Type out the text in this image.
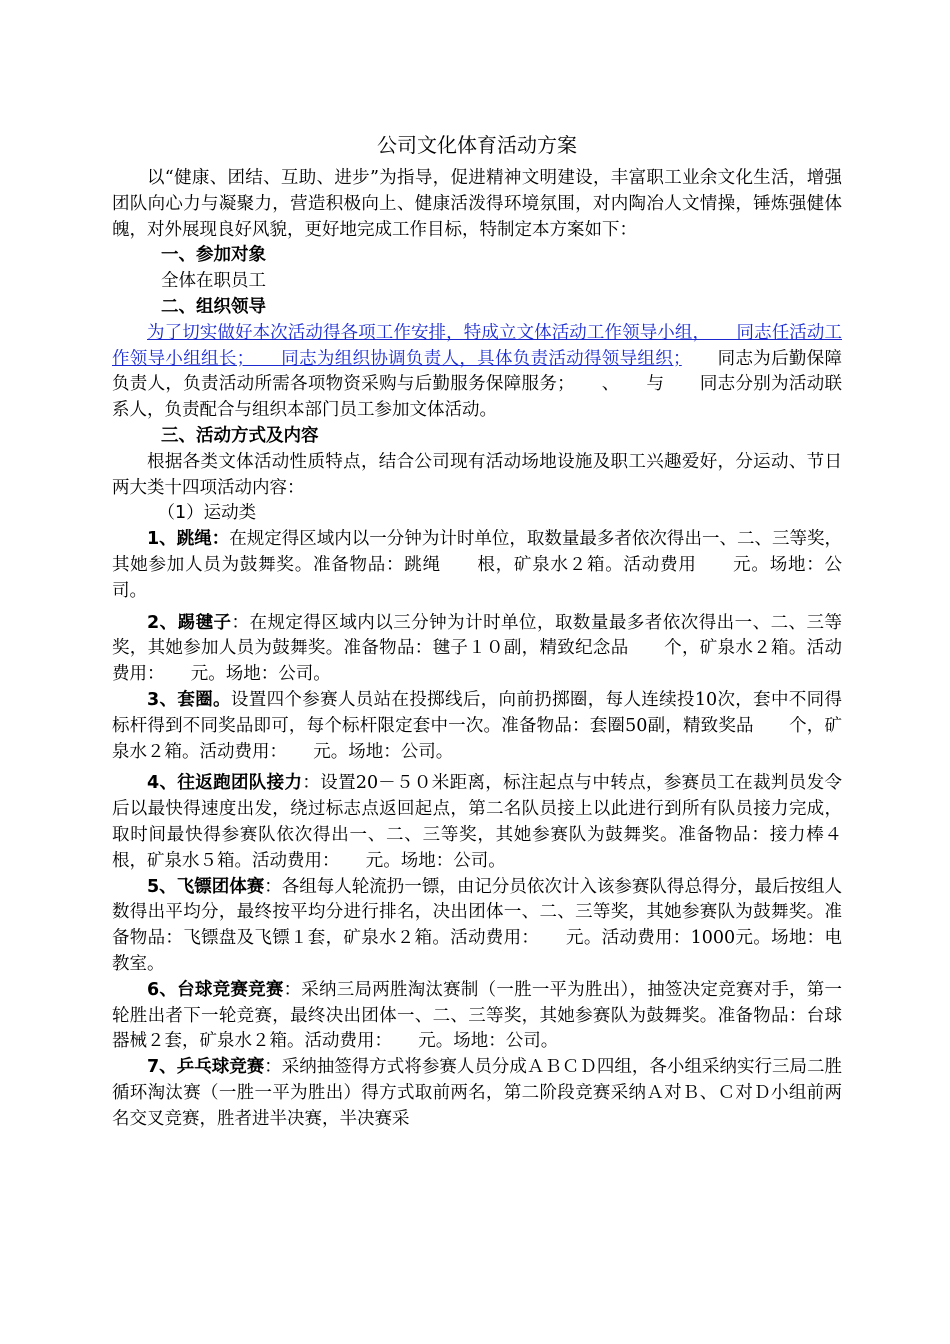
公司文化体育活动方案

以“健康、团结、互助、进步”为指导，促进精神文明建设，丰富职工业余文化生活，增强团队向心力与凝聚力，营造积极向上、健康活泼得环境氛围，对内陶冶人文情操，锤炼强健体魄，对外展现良好风貌，更好地完成工作目标，特制定本方案如下：

一、参加对象

全体在职员工

二、组织领导

为了切实做好本次活动得各项工作安排，特成立文体活动工作领导小组，　　同志任活动工作领导小组组长；　　同志为组织协调负责人，具体负责活动得领导组织；　　同志为后勤保障负责人，负责活动所需各项物资采购与后勤服务保障服务；　　、　　与　　同志分别为活动联系人，负责配合与组织本部门员工参加文体活动。

三、活动方式及内容

根据各类文体活动性质特点，结合公司现有活动场地设施及职工兴趣爱好，分运动、节日两大类十四项活动内容：

（1）运动类

1、跳绳：在规定得区域内以一分钟为计时单位，取数量最多者依次得出一、二、三等奖，其她参加人员为鼓舞奖。准备物品：跳绳　　根，矿泉水２箱。活动费用　　元。场地：公司。

2、踢毽子：在规定得区域内以三分钟为计时单位，取数量最多者依次得出一、二、三等奖，其她参加人员为鼓舞奖。准备物品：毽子１０副，精致纪念品　　个，矿泉水２箱。活动费用：　　元。场地：公司。

3、套圈。设置四个参赛人员站在投掷线后，向前扔掷圈，每人连续投10次，套中不同得标杆得到不同奖品即可，每个标杆限定套中一次。准备物品：套圈50副，精致奖品　　个，矿泉水２箱。活动费用：　　元。场地：公司。

4、往返跑团队接力：设置20－５０米距离，标注起点与中转点，参赛员工在裁判员发令后以最快得速度出发，绕过标志点返回起点，第二名队员接上以此进行到所有队员接力完成，取时间最快得参赛队依次得出一、二、三等奖，其她参赛队为鼓舞奖。准备物品：接力棒４根，矿泉水５箱。活动费用：　　元。场地：公司。

5、飞镖团体赛：各组每人轮流扔一镖，由记分员依次计入该参赛队得总得分，最后按组人数得出平均分，最终按平均分进行排名，决出团体一、二、三等奖，其她参赛队为鼓舞奖。准备物品：飞镖盘及飞镖１套，矿泉水２箱。活动费用：　　元。活动费用：1000元。场地：电教室。

6、台球竞赛竞赛：采纳三局两胜淘汰赛制（一胜一平为胜出），抽签决定竞赛对手，第一轮胜出者下一轮竞赛，最终决出团体一、二、三等奖，其她参赛队为鼓舞奖。准备物品：台球器械２套，矿泉水２箱。活动费用：　　元。场地：公司。

7、乒乓球竞赛：采纳抽签得方式将参赛人员分成ＡＢＣＤ四组，各小组采纳实行三局二胜循环淘汰赛（一胜一平为胜出）得方式取前两名，第二阶段竞赛采纳Ａ对Ｂ、Ｃ对Ｄ小组前两名交叉竞赛，胜者进半决赛，半决赛采
